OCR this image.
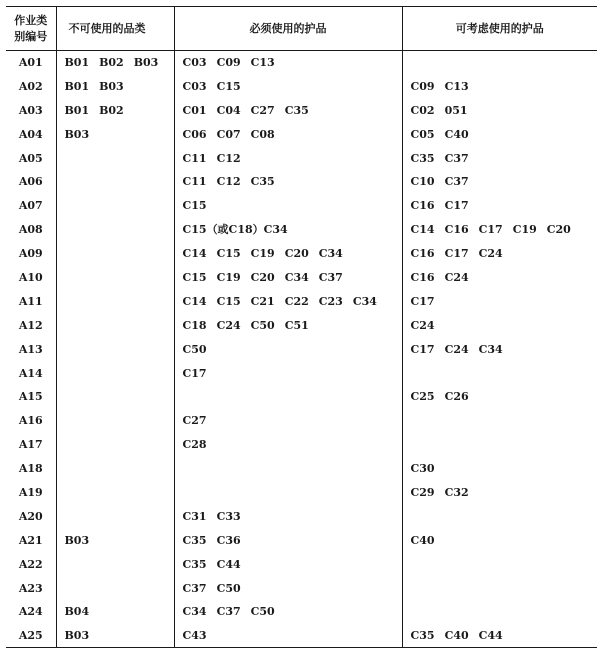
作业类
别编号	不可使用的品类	必须使用的护品	可考虑使用的护品
A01	B01 B02 B03	C03 C09 C13	
A02	B01 B03	C03 C15	C09 C13
A03	B01 B02	C01 C04 C27 C35	C02 051
A04	B03	C06 C07 C08	C05 C40
A05		C11 C12	C35 C37
A06		C11 C12 C35	C10 C37
A07		C15	C16 C17
A08		C15（或C18）C34	C14 C16 C17 C19 C20
A09		C14 C15 C19 C20 C34	C16 C17 C24
A10		C15 C19 C20 C34 C37	C16 C24
A11		C14 C15 C21 C22 C23 C34	C17
A12		C18 C24 C50 C51	C24
A13		C50	C17 C24 C34
A14		C17	
A15			C25 C26
A16		C27	
A17		C28	
A18			C30
A19			C29 C32
A20		C31 C33	
A21	B03	C35 C36	C40
A22		C35 C44	
A23		C37 C50	
A24	B04	C34 C37 C50	
A25	B03	C43	C35 C40 C44
